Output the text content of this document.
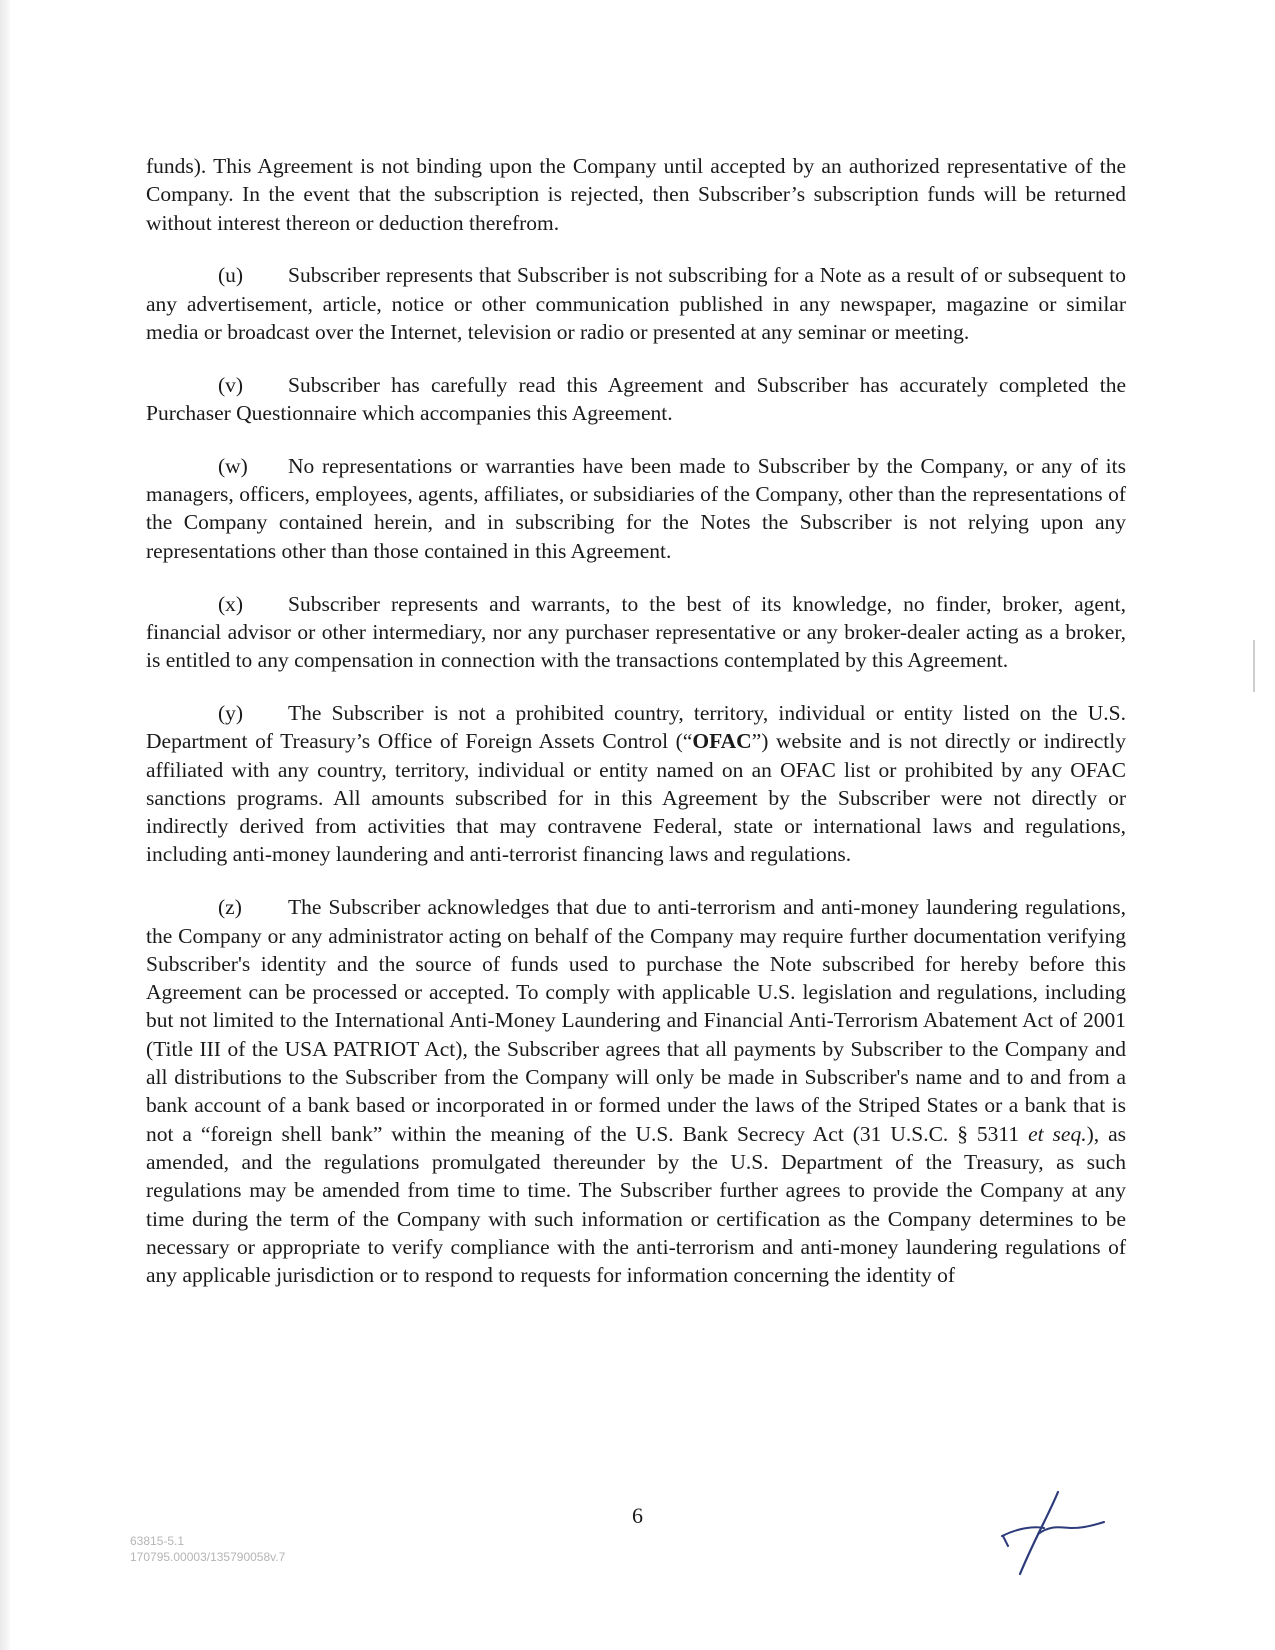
funds). This Agreement is not binding upon the Company until accepted by an authorized representative of the Company. In the event that the subscription is rejected, then Subscriber’s subscription funds will be returned without interest thereon or deduction therefrom.

(u) Subscriber represents that Subscriber is not subscribing for a Note as a result of or subsequent to any advertisement, article, notice or other communication published in any newspaper, magazine or similar media or broadcast over the Internet, television or radio or presented at any seminar or meeting.

(v) Subscriber has carefully read this Agreement and Subscriber has accurately completed the Purchaser Questionnaire which accompanies this Agreement.

(w) No representations or warranties have been made to Subscriber by the Company, or any of its managers, officers, employees, agents, affiliates, or subsidiaries of the Company, other than the representations of the Company contained herein, and in subscribing for the Notes the Subscriber is not relying upon any representations other than those contained in this Agreement.

(x) Subscriber represents and warrants, to the best of its knowledge, no finder, broker, agent, financial advisor or other intermediary, nor any purchaser representative or any broker-dealer acting as a broker, is entitled to any compensation in connection with the transactions contemplated by this Agreement.

(y) The Subscriber is not a prohibited country, territory, individual or entity listed on the U.S. Department of Treasury’s Office of Foreign Assets Control (“OFAC”) website and is not directly or indirectly affiliated with any country, territory, individual or entity named on an OFAC list or prohibited by any OFAC sanctions programs. All amounts subscribed for in this Agreement by the Subscriber were not directly or indirectly derived from activities that may contravene Federal, state or international laws and regulations, including anti-money laundering and anti-terrorist financing laws and regulations.

(z) The Subscriber acknowledges that due to anti-terrorism and anti-money laundering regulations, the Company or any administrator acting on behalf of the Company may require further documentation verifying Subscriber's identity and the source of funds used to purchase the Note subscribed for hereby before this Agreement can be processed or accepted. To comply with applicable U.S. legislation and regulations, including but not limited to the International Anti-Money Laundering and Financial Anti-Terrorism Abatement Act of 2001 (Title III of the USA PATRIOT Act), the Subscriber agrees that all payments by Subscriber to the Company and all distributions to the Subscriber from the Company will only be made in Subscriber's name and to and from a bank account of a bank based or incorporated in or formed under the laws of the Striped States or a bank that is not a “foreign shell bank” within the meaning of the U.S. Bank Secrecy Act (31 U.S.C. § 5311 et seq.), as amended, and the regulations promulgated thereunder by the U.S. Department of the Treasury, as such regulations may be amended from time to time. The Subscriber further agrees to provide the Company at any time during the term of the Company with such information or certification as the Company determines to be necessary or appropriate to verify compliance with the anti-terrorism and anti-money laundering regulations of any applicable jurisdiction or to respond to requests for information concerning the identity of

6
63815-5.1
170795.00003/135790058v.7
